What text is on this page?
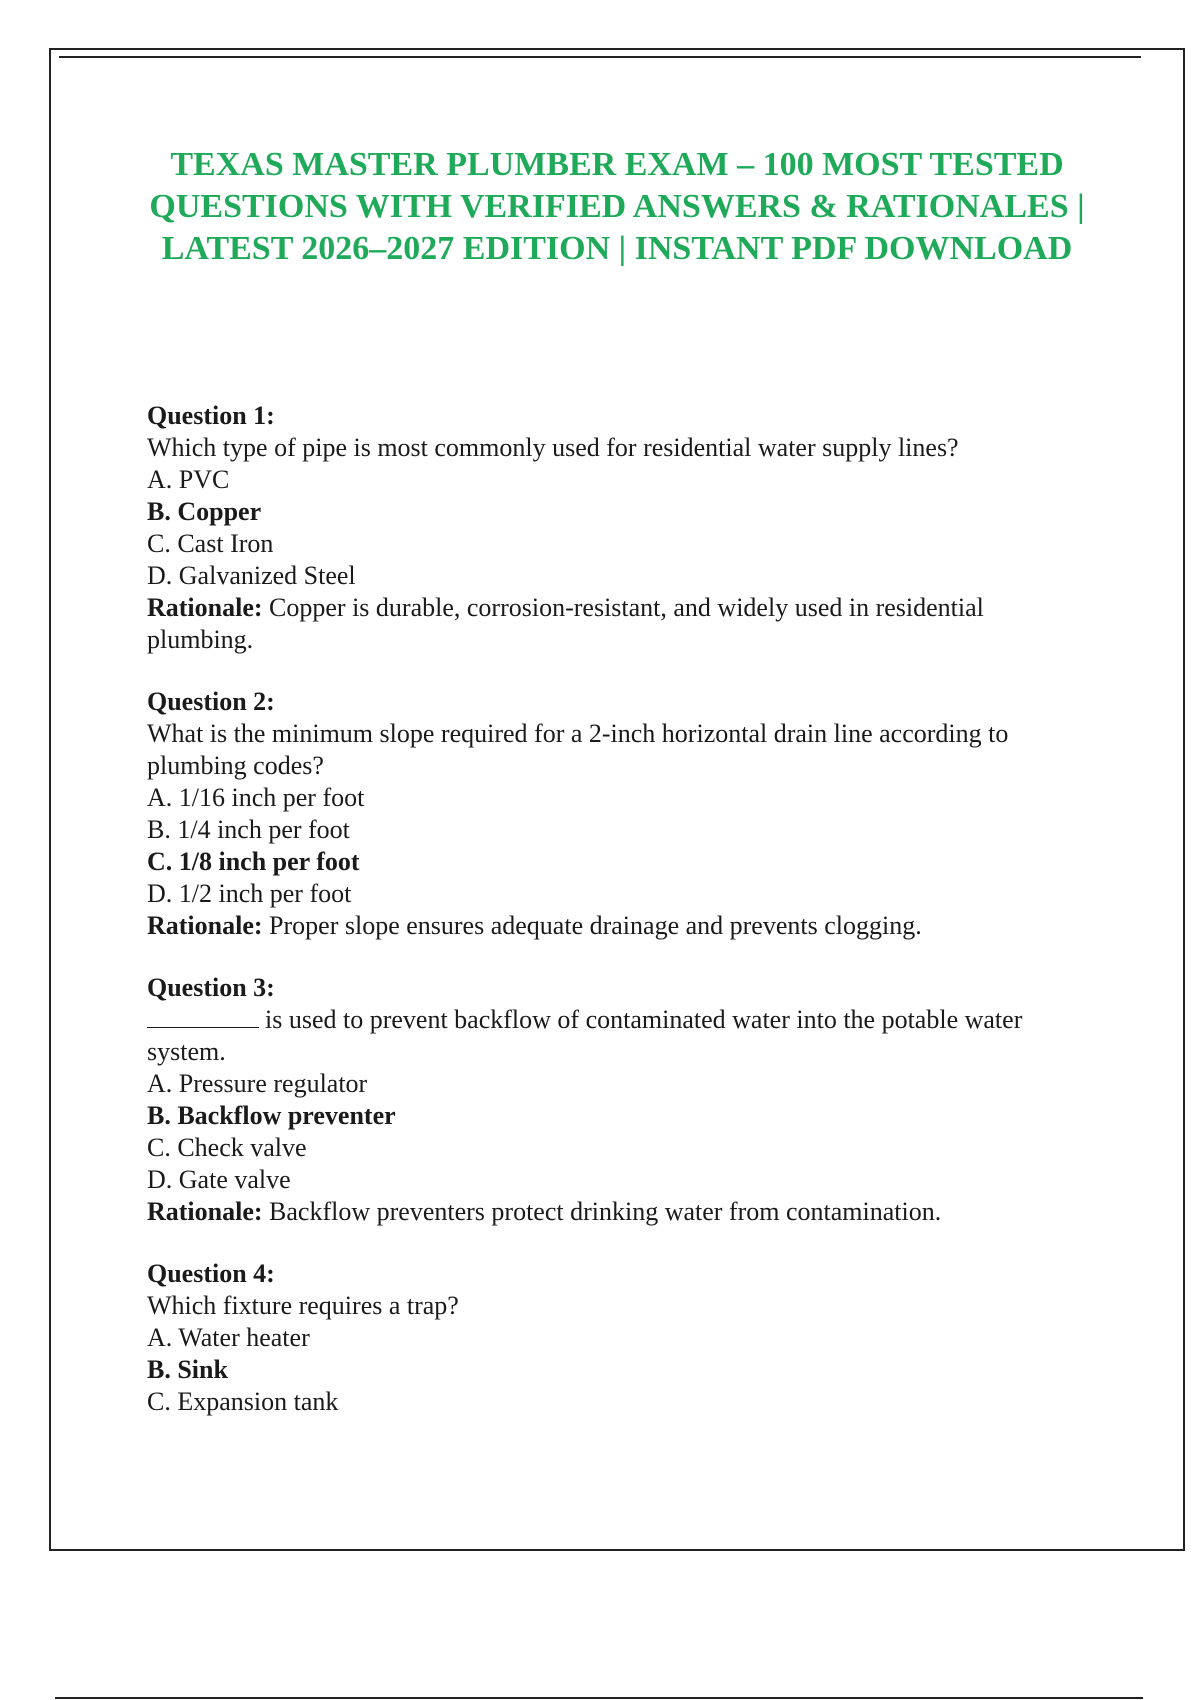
TEXAS MASTER PLUMBER EXAM – 100 MOST TESTED QUESTIONS WITH VERIFIED ANSWERS & RATIONALES | LATEST 2026–2027 EDITION | INSTANT PDF DOWNLOAD
Question 1:
Which type of pipe is most commonly used for residential water supply lines?
A. PVC
B. Copper
C. Cast Iron
D. Galvanized Steel
Rationale: Copper is durable, corrosion-resistant, and widely used in residential plumbing.
Question 2:
What is the minimum slope required for a 2-inch horizontal drain line according to plumbing codes?
A. 1/16 inch per foot
B. 1/4 inch per foot
C. 1/8 inch per foot
D. 1/2 inch per foot
Rationale: Proper slope ensures adequate drainage and prevents clogging.
Question 3:
is used to prevent backflow of contaminated water into the potable water system.
A. Pressure regulator
B. Backflow preventer
C. Check valve
D. Gate valve
Rationale: Backflow preventers protect drinking water from contamination.
Question 4:
Which fixture requires a trap?
A. Water heater
B. Sink
C. Expansion tank
